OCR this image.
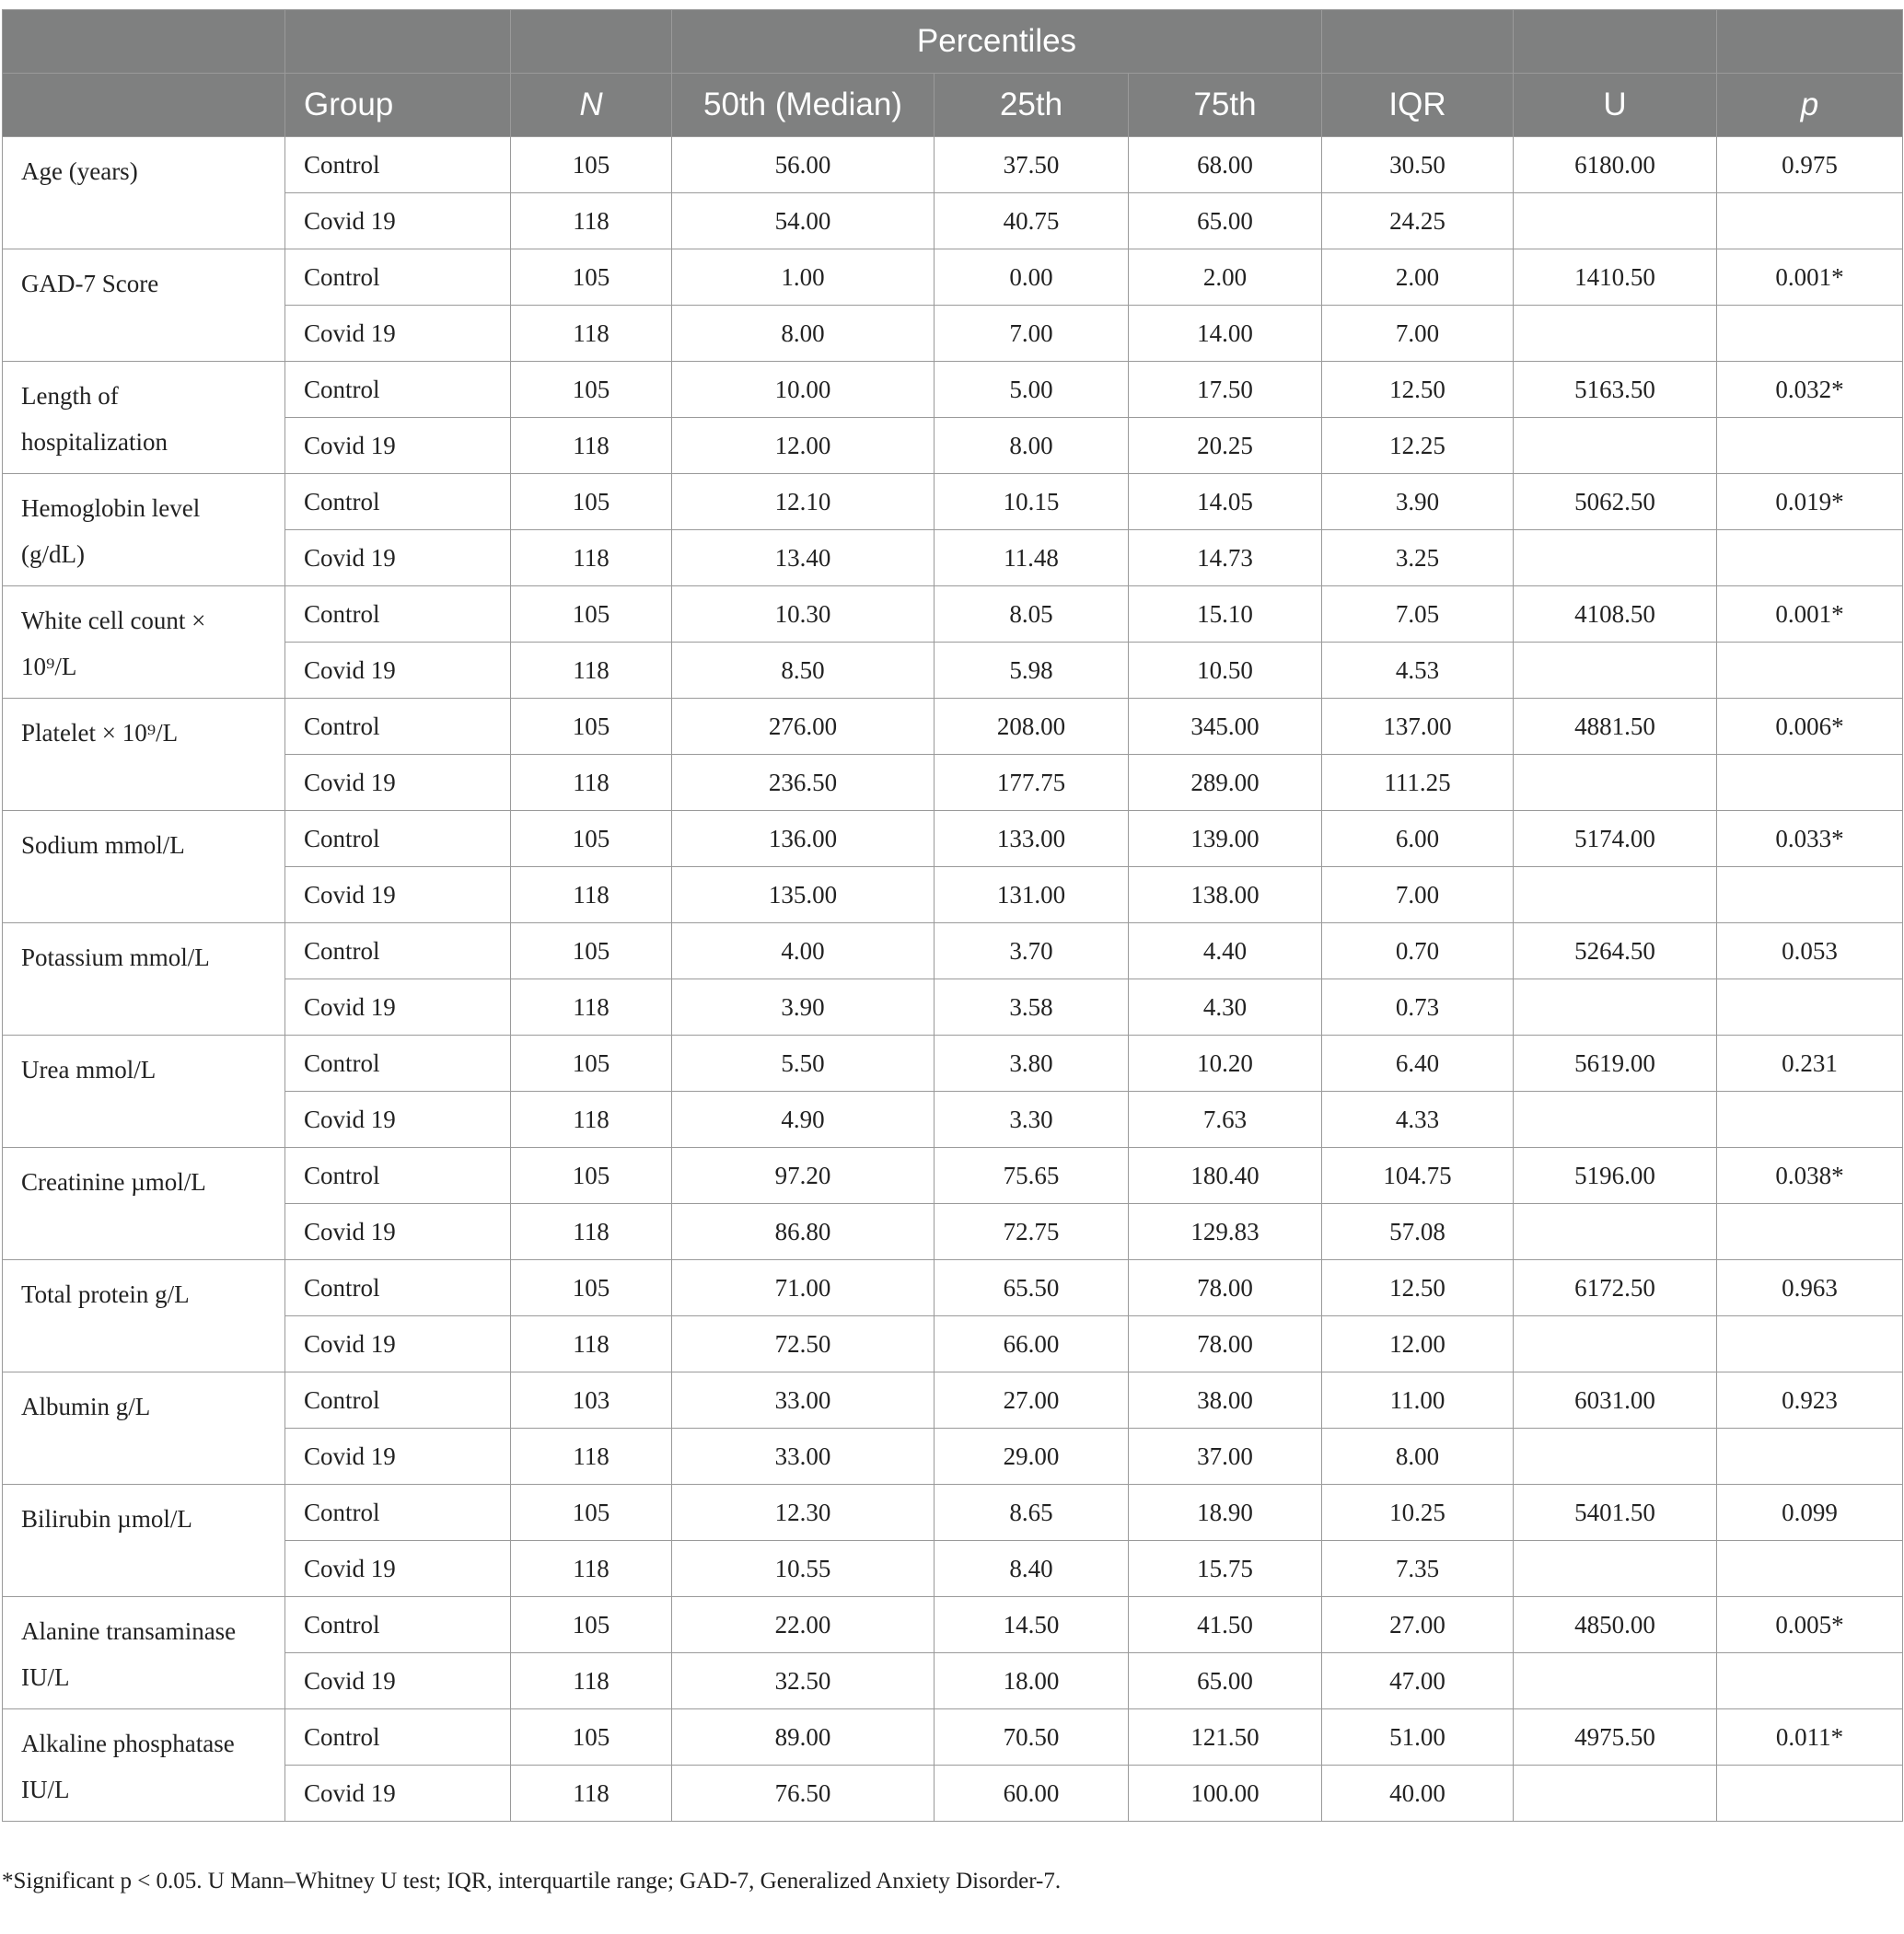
			Percentiles					
	Group	N	50th (Median)	25th	75th	IQR	U	p
Age (years)	Control	105	56.00	37.50	68.00	30.50	6180.00	0.975
	Covid 19	118	54.00	40.75	65.00	24.25		
GAD-7 Score	Control	105	1.00	0.00	2.00	2.00	1410.50	0.001*
	Covid 19	118	8.00	7.00	14.00	7.00		
Length of hospitalization	Control	105	10.00	5.00	17.50	12.50	5163.50	0.032*
	Covid 19	118	12.00	8.00	20.25	12.25		
Hemoglobin level (g/dL)	Control	105	12.10	10.15	14.05	3.90	5062.50	0.019*
	Covid 19	118	13.40	11.48	14.73	3.25		
White cell count × 10⁹/L	Control	105	10.30	8.05	15.10	7.05	4108.50	0.001*
	Covid 19	118	8.50	5.98	10.50	4.53		
Platelet × 10⁹/L	Control	105	276.00	208.00	345.00	137.00	4881.50	0.006*
	Covid 19	118	236.50	177.75	289.00	111.25		
Sodium mmol/L	Control	105	136.00	133.00	139.00	6.00	5174.00	0.033*
	Covid 19	118	135.00	131.00	138.00	7.00		
Potassium mmol/L	Control	105	4.00	3.70	4.40	0.70	5264.50	0.053
	Covid 19	118	3.90	3.58	4.30	0.73		
Urea mmol/L	Control	105	5.50	3.80	10.20	6.40	5619.00	0.231
	Covid 19	118	4.90	3.30	7.63	4.33		
Creatinine µmol/L	Control	105	97.20	75.65	180.40	104.75	5196.00	0.038*
	Covid 19	118	86.80	72.75	129.83	57.08		
Total protein g/L	Control	105	71.00	65.50	78.00	12.50	6172.50	0.963
	Covid 19	118	72.50	66.00	78.00	12.00		
Albumin g/L	Control	103	33.00	27.00	38.00	11.00	6031.00	0.923
	Covid 19	118	33.00	29.00	37.00	8.00		
Bilirubin µmol/L	Control	105	12.30	8.65	18.90	10.25	5401.50	0.099
	Covid 19	118	10.55	8.40	15.75	7.35		
Alanine transaminase IU/L	Control	105	22.00	14.50	41.50	27.00	4850.00	0.005*
	Covid 19	118	32.50	18.00	65.00	47.00		
Alkaline phosphatase IU/L	Control	105	89.00	70.50	121.50	51.00	4975.50	0.011*
	Covid 19	118	76.50	60.00	100.00	40.00		
*Significant p < 0.05. U Mann–Whitney U test; IQR, interquartile range; GAD-7, Generalized Anxiety Disorder-7.
